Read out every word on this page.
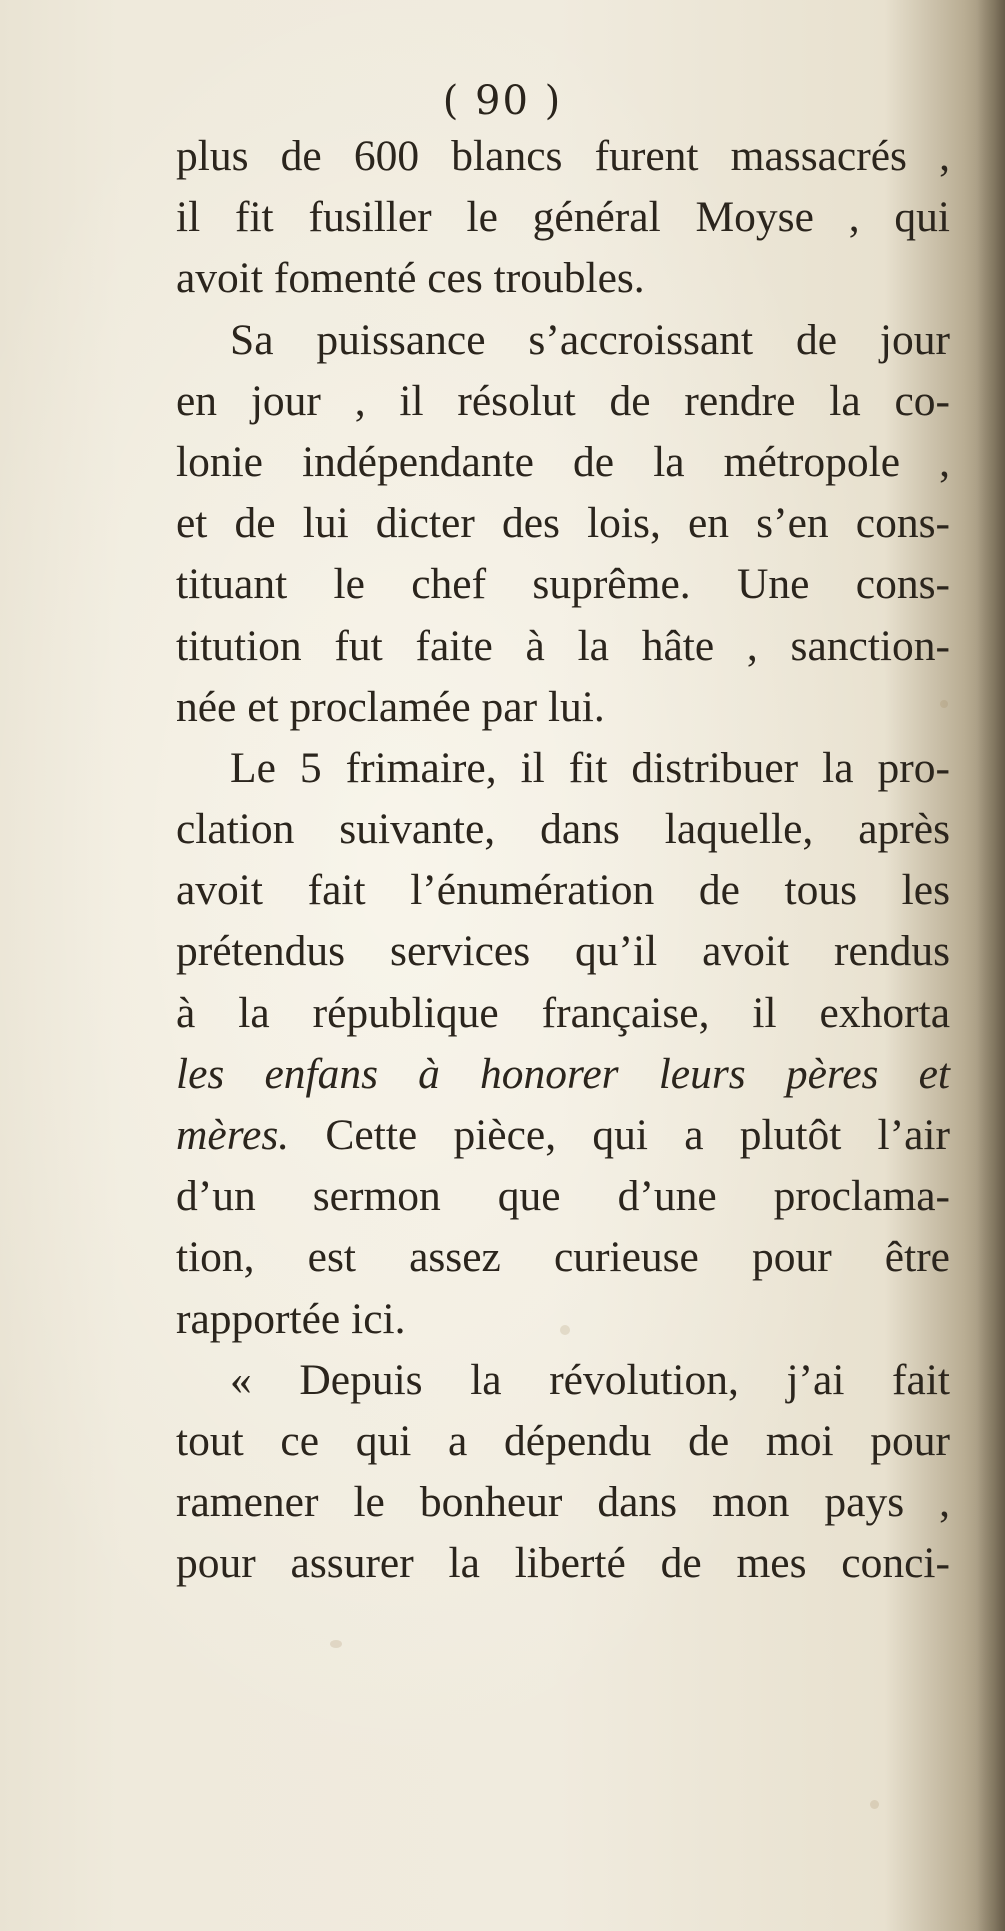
( 90 )
plus de 600 blancs furent massacrés ,
il fit fusiller le général Moyse , qui
avoit fomenté ces troubles.
Sa puissance s’accroissant de jour
en jour , il résolut de rendre la co-
lonie indépendante de la métropole ,
et de lui dicter des lois, en s’en cons-
tituant le chef suprême. Une cons-
titution fut faite à la hâte , sanction-
née et proclamée par lui.
Le 5 frimaire, il fit distribuer la pro-
clation suivante, dans laquelle, après
avoit fait l’énumération de tous les
prétendus services qu’il avoit rendus
à la république française, il exhorta
les enfans à honorer leurs pères et
mères. Cette pièce, qui a plutôt l’air
d’un sermon que d’une proclama-
tion, est assez curieuse pour être
rapportée ici.
« Depuis la révolution, j’ai fait
tout ce qui a dépendu de moi pour
ramener le bonheur dans mon pays ,
pour assurer la liberté de mes conci-
